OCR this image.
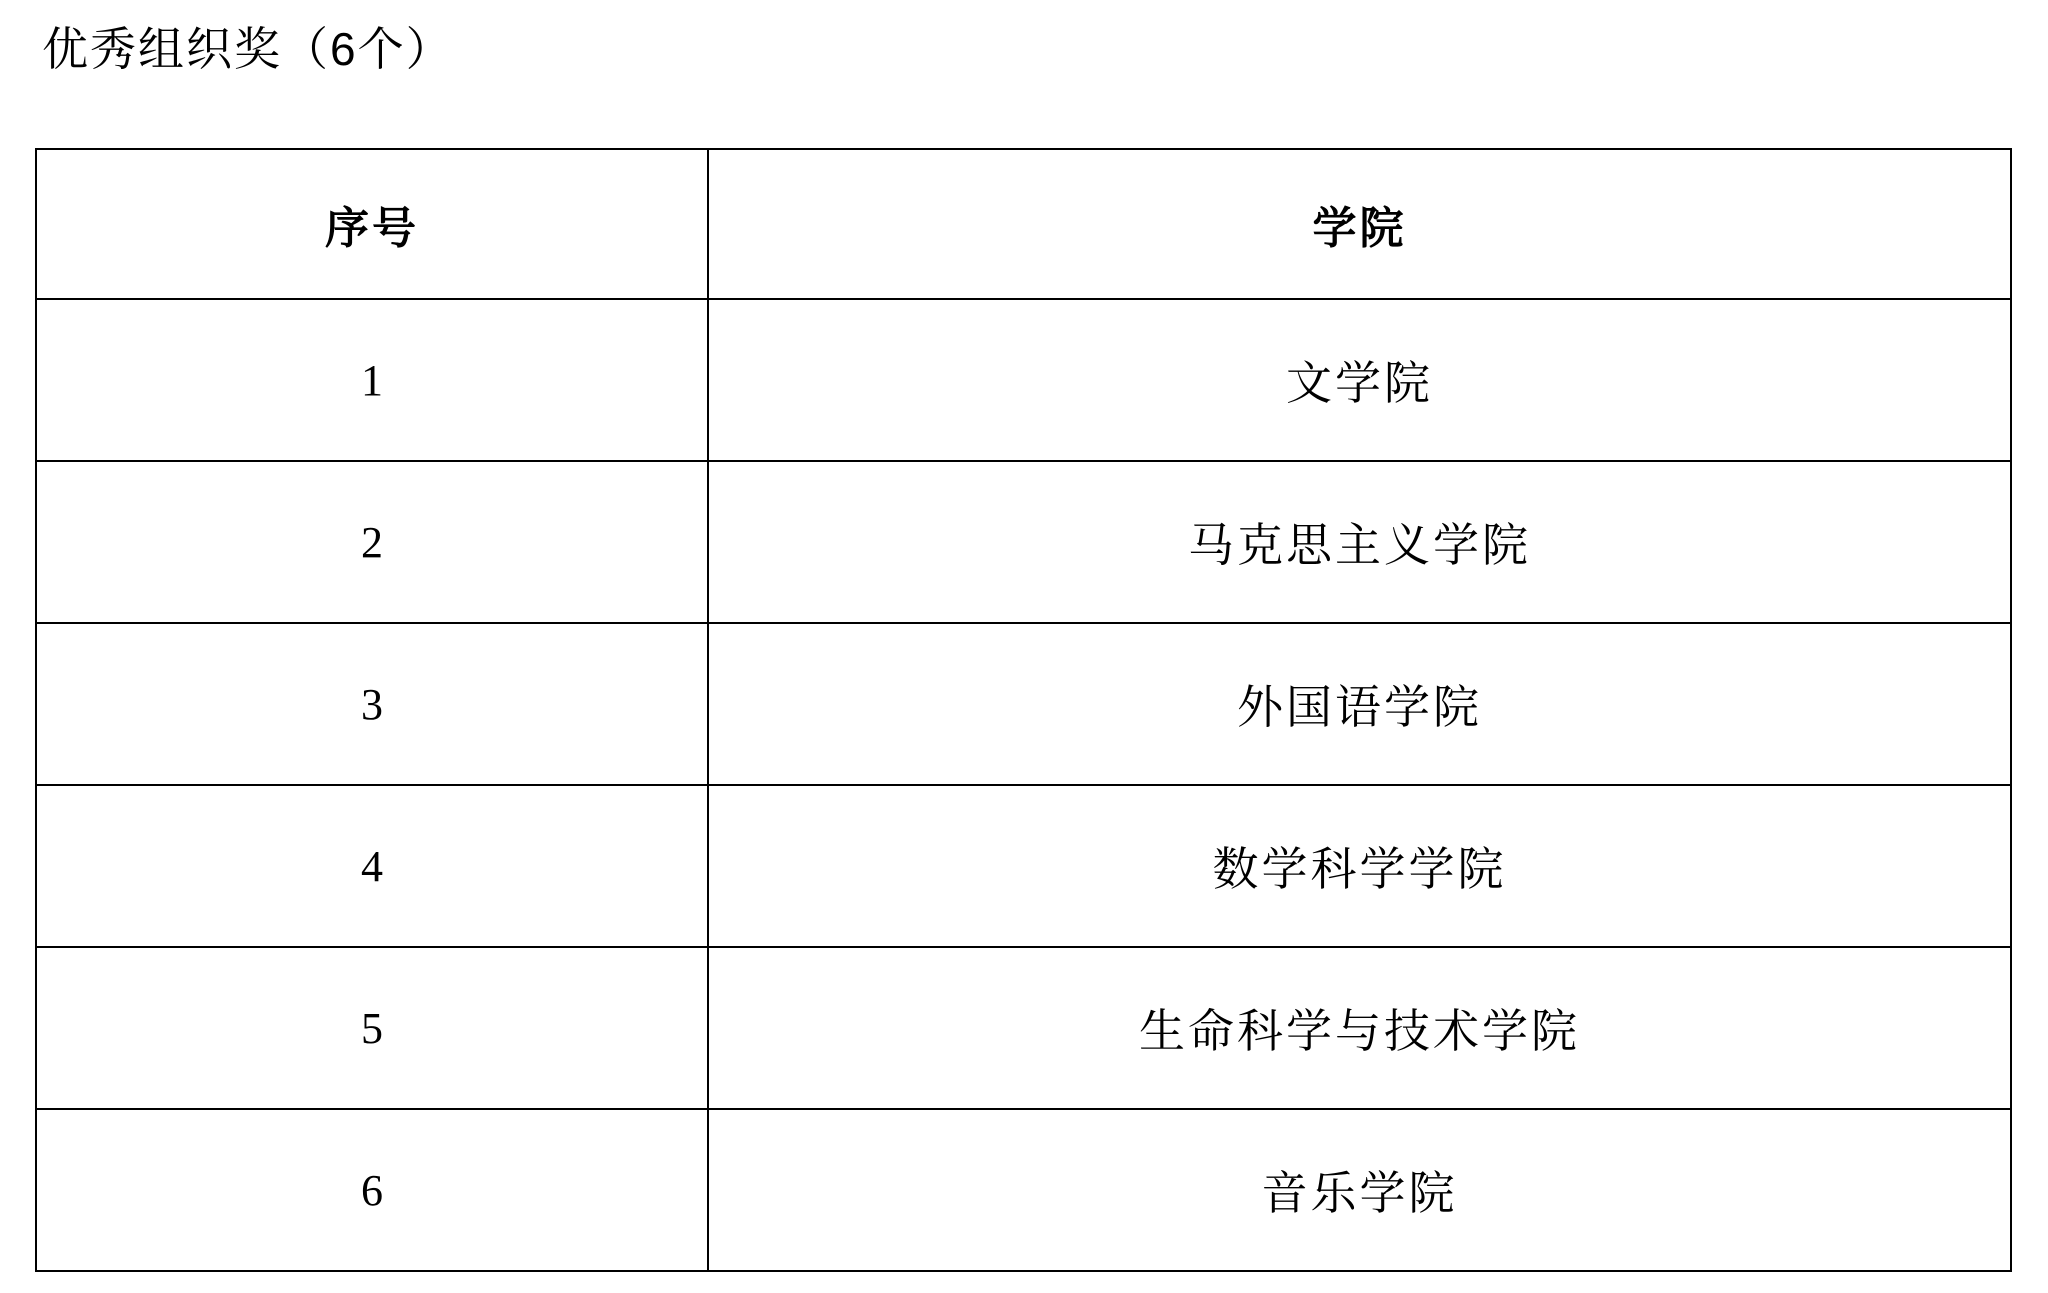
优秀组织奖（6个）
序号	学院
1	文学院
2	马克思主义学院
3	外国语学院
4	数学科学学院
5	生命科学与技术学院
6	音乐学院
